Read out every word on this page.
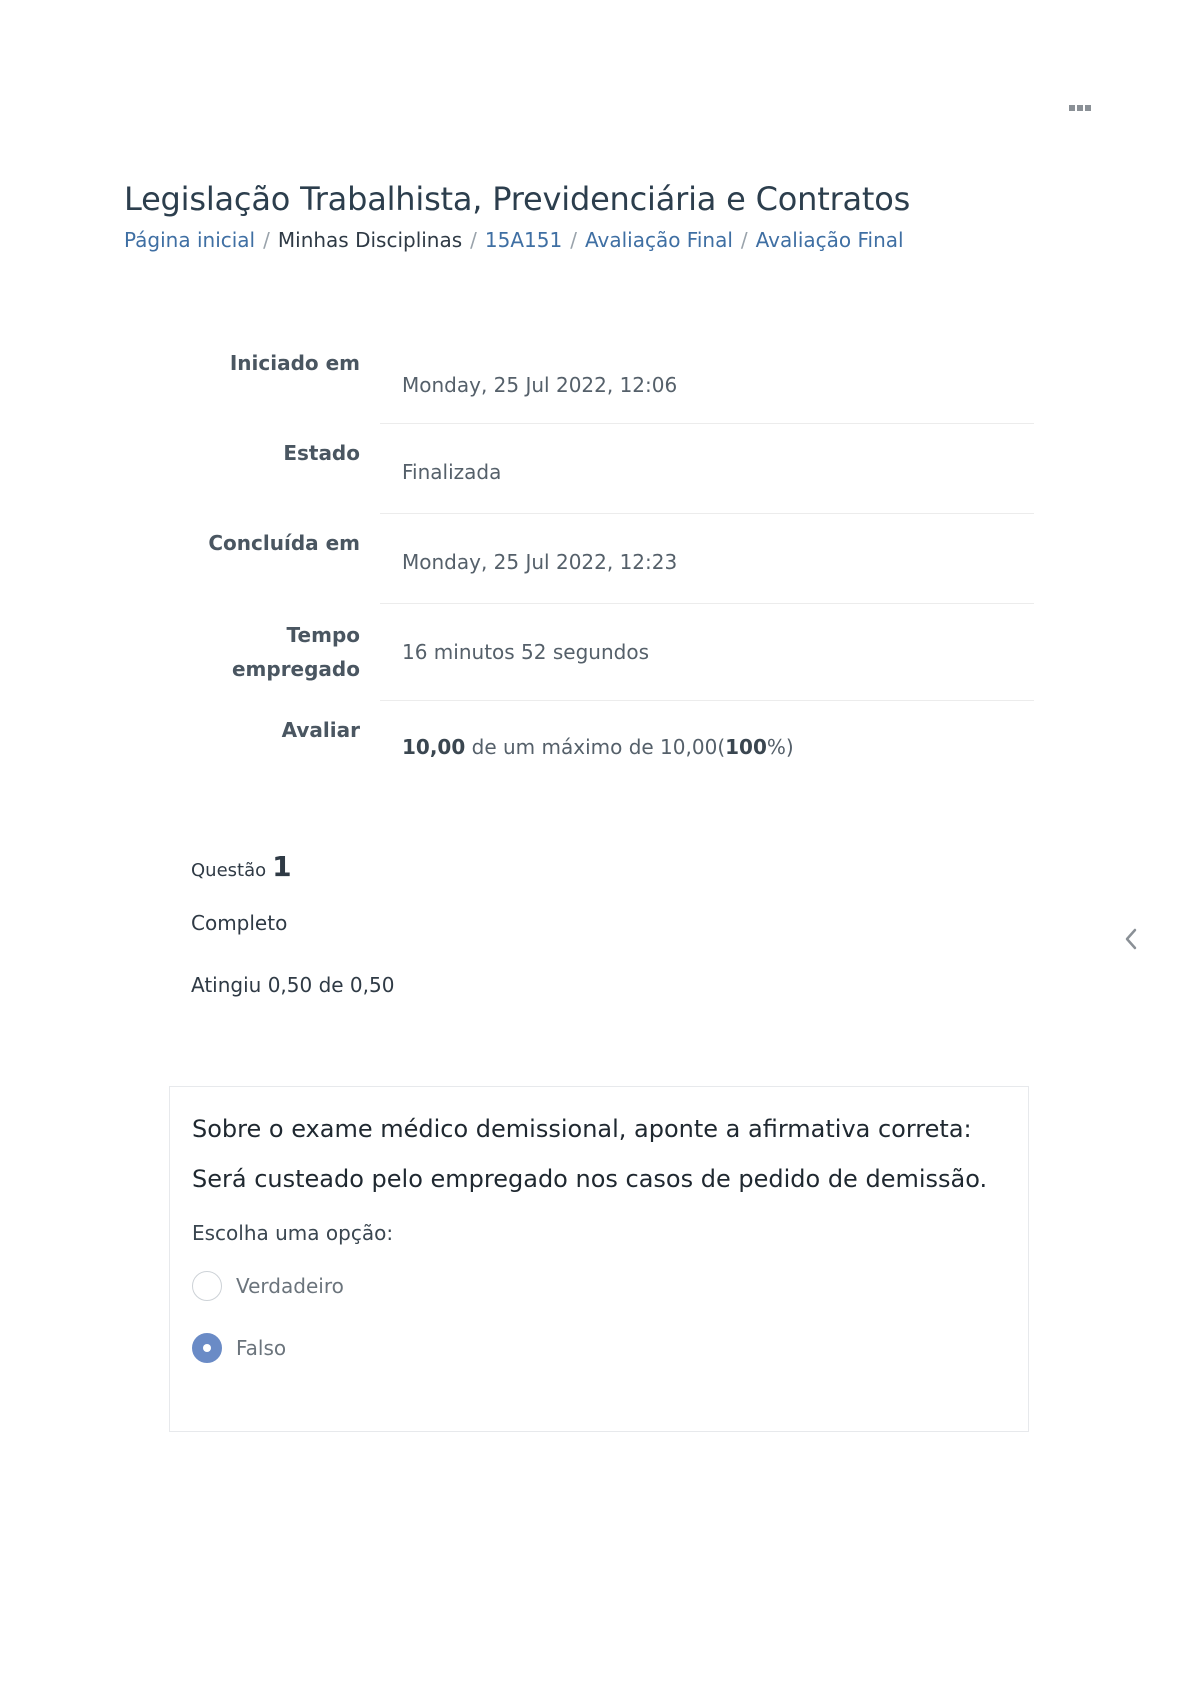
Legislação Trabalhista, Previdenciária e Contratos
Página inicial / Minhas Disciplinas / 15A151 / Avaliação Final / Avaliação Final
Iniciado em
Monday, 25 Jul 2022, 12:06
Estado
Finalizada
Concluída em
Monday, 25 Jul 2022, 12:23
Tempo
empregado
16 minutos 52 segundos
Avaliar
10,00 de um máximo de 10,00( 100 %)
Questão 1
Completo
Atingiu 0,50 de 0,50

Sobre o exame médico demissional, aponte a afirmativa correta:

Será custeado pelo empregado nos casos de pedido de demissão.

Escolha uma opção:
Verdadeiro
Falso
